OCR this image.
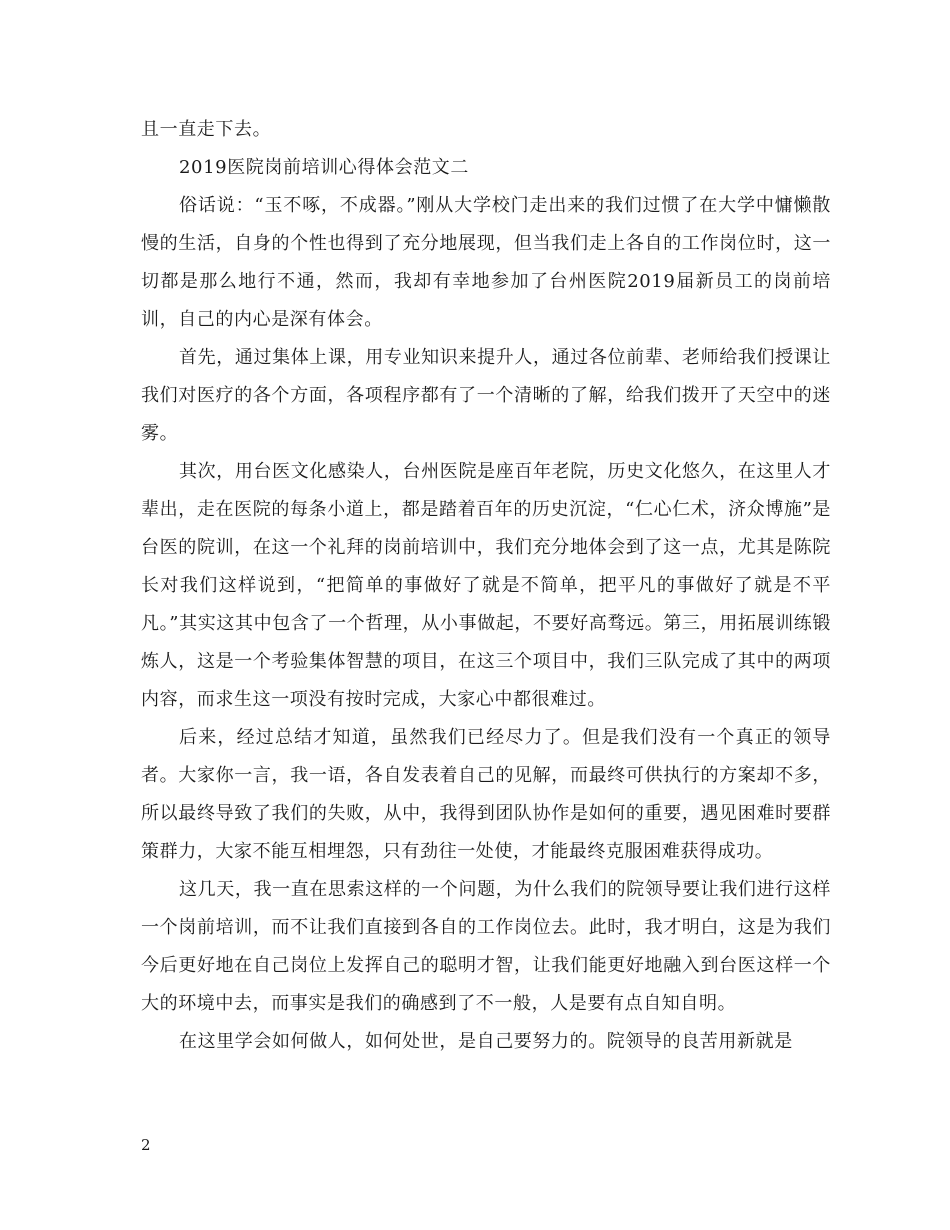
且一直走下去。

2019医院岗前培训心得体会范文二

俗话说：“玉不啄，不成器。”刚从大学校门走出来的我们过惯了在大学中慵懒散慢的生活，自身的个性也得到了充分地展现，但当我们走上各自的工作岗位时，这一切都是那么地行不通，然而，我却有幸地参加了台州医院2019届新员工的岗前培训，自己的内心是深有体会。

首先，通过集体上课，用专业知识来提升人，通过各位前辈、老师给我们授课让我们对医疗的各个方面，各项程序都有了一个清晰的了解，给我们拨开了天空中的迷雾。

其次，用台医文化感染人，台州医院是座百年老院，历史文化悠久，在这里人才辈出，走在医院的每条小道上，都是踏着百年的历史沉淀，“仁心仁术，济众博施”是台医的院训，在这一个礼拜的岗前培训中，我们充分地体会到了这一点，尤其是陈院长对我们这样说到，“把简单的事做好了就是不简单，把平凡的事做好了就是不平凡。”其实这其中包含了一个哲理，从小事做起，不要好高骛远。第三，用拓展训练锻炼人，这是一个考验集体智慧的项目，在这三个项目中，我们三队完成了其中的两项内容，而求生这一项没有按时完成，大家心中都很难过。

后来，经过总结才知道，虽然我们已经尽力了。但是我们没有一个真正的领导者。大家你一言，我一语，各自发表着自己的见解，而最终可供执行的方案却不多，所以最终导致了我们的失败，从中，我得到团队协作是如何的重要，遇见困难时要群策群力，大家不能互相埋怨，只有劲往一处使，才能最终克服困难获得成功。

这几天，我一直在思索这样的一个问题，为什么我们的院领导要让我们进行这样一个岗前培训，而不让我们直接到各自的工作岗位去。此时，我才明白，这是为我们今后更好地在自己岗位上发挥自己的聪明才智，让我们能更好地融入到台医这样一个大的环境中去，而事实是我们的确感到了不一般，人是要有点自知自明。

在这里学会如何做人，如何处世，是自己要努力的。院领导的良苦用新就是

2
